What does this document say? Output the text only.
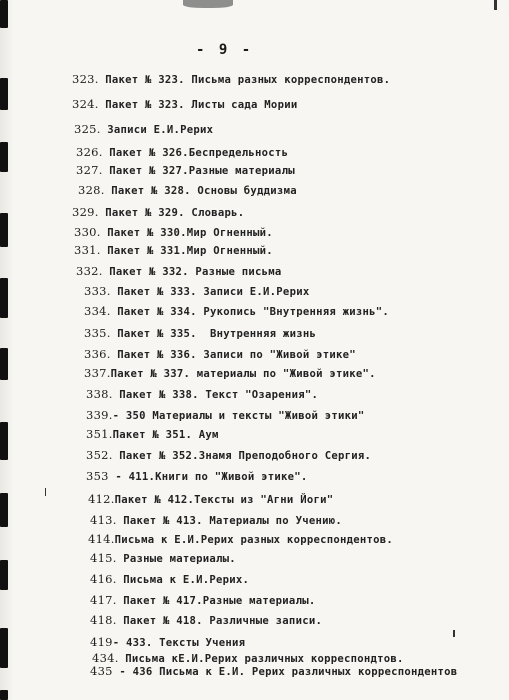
- 9 -
323. Пакет № 323. Письма разных корреспондентов.
324. Пакет № 323. Листы сада Мории
325. Записи Е.И.Рерих
326. Пакет № 326.Беспредельность
327. Пакет № 327.Разные материалы
328. Пакет № 328. Основы буддизма
329. Пакет № 329. Словарь.
330. Пакет № 330.Мир Огненный.
331. Пакет № 331.Мир Огненный.
332. Пакет № 332. Разные письма
333. Пакет № 333. Записи Е.И.Рерих
334. Пакет № 334. Рукопись "Внутренняя жизнь".
335. Пакет № 335.  Внутренняя жизнь
336. Пакет № 336. Записи по "Живой этике"
337.Пакет № 337. материалы по "Живой этике".
338. Пакет № 338. Текст "Озарения".
339.- 350 Материалы и тексты "Живой этики"
351.Пакет № 351. Аум
352. Пакет № 352.Знамя Преподобного Сергия.
353 - 411.Книги по "Живой этике".
412.Пакет № 412.Тексты из "Агни Йоги"
413. Пакет № 413. Материалы по Учению.
414.Письма к Е.И.Рерих разных корреспондентов.
415. Разные материалы.
416. Письма к Е.И.Рерих.
417. Пакет № 417.Разные материалы.
418. Пакет № 418. Различные записи.
419- 433. Тексты Учения
434. Письма кЕ.И.Рерих различных корреспондтов.
435 - 436 Письма к Е.И. Рерих различных корреспондентов
